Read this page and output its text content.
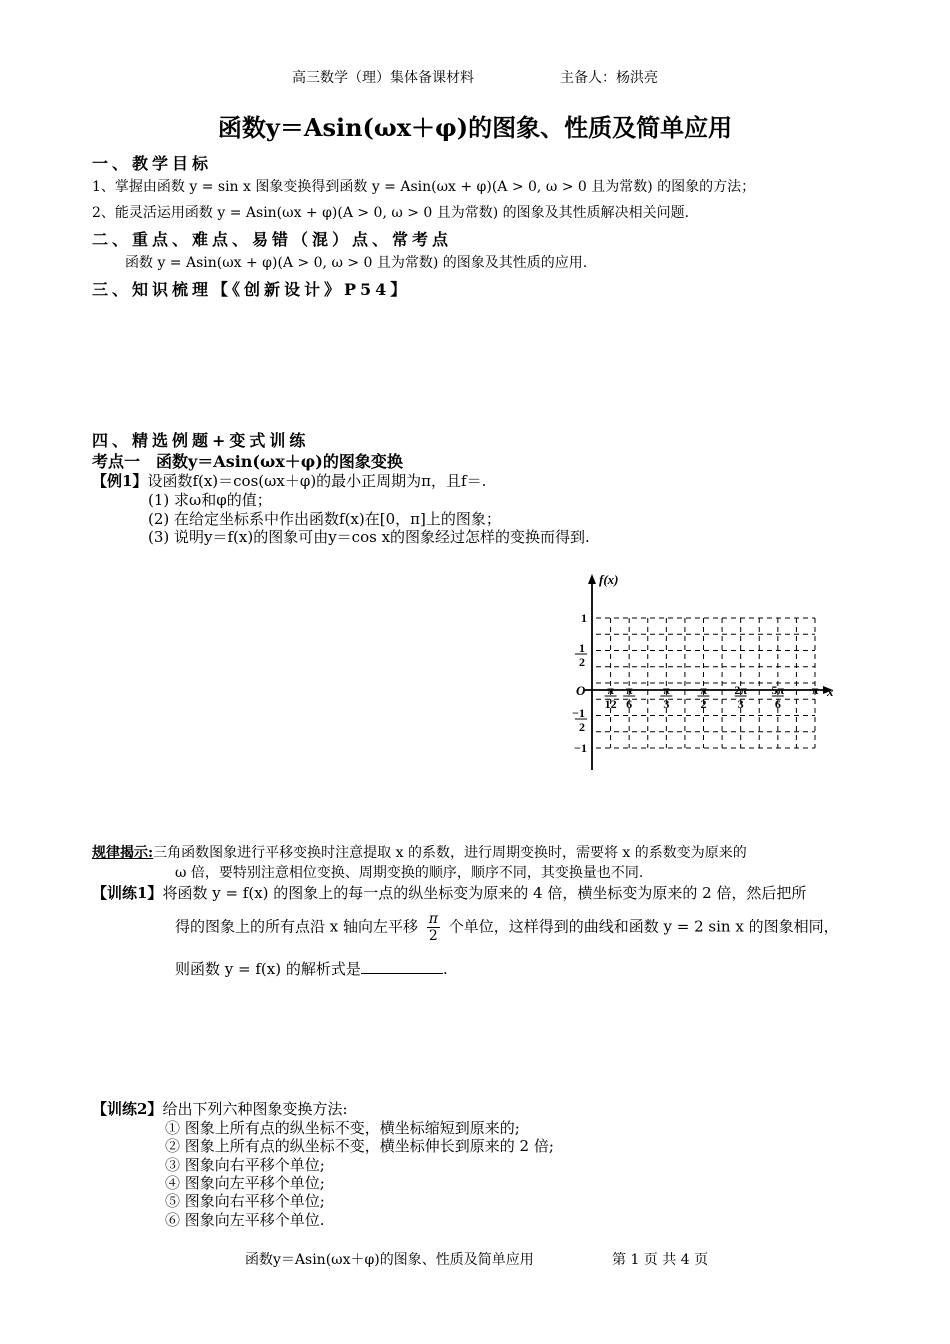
高三数学（理）集体备课材料	主备人：杨洪亮
函数y＝Asin(ωx＋φ)的图象、性质及简单应用
一、教学目标
1、掌握由函数 y = sin x 图象变换得到函数 y = Asin(ωx + φ)(A > 0, ω > 0 且为常数) 的图象的方法；
2、能灵活运用函数 y = Asin(ωx + φ)(A > 0, ω > 0 且为常数) 的图象及其性质解决相关问题.
二、重点、难点、易错（混）点、常考点
函数 y = Asin(ωx + φ)(A > 0, ω > 0 且为常数) 的图象及其性质的应用.
三、知识梳理【《创新设计》P54】
四、精选例题+变式训练
考点一　函数y＝Asin(ωx＋φ)的图象变换
【例1】设函数f(x)＝cos(ωx＋φ)的最小正周期为π，且f＝.
(1) 求ω和φ的值；
(2) 在给定坐标系中作出函数f(x)在[0，π]上的图象；
(3) 说明y＝f(x)的图象可由y＝cos x的图象经过怎样的变换而得到.
f(x)
x
O π
12
π
6
π
3
π
2
2π
3
5π
6
π
1
1
2
−1
2
−1
规律揭示:三角函数图象进行平移变换时注意提取 x 的系数，进行周期变换时，需要将 x 的系数变为原来的
ω 倍，要特别注意相位变换、周期变换的顺序，顺序不同，其变换量也不同.
【训练1】将函数 y = f(x) 的图象上的每一点的纵坐标变为原来的 4 倍，横坐标变为原来的 2 倍，然后把所
得的图象上的所有点沿 x 轴向左平移 $\frac{\pi}{2}$ 个单位，这样得到的曲线和函数 y = 2 sin x 的图象相同，
则函数 y = f(x) 的解析式是	.
【训练2】给出下列六种图象变换方法:
① 图象上所有点的纵坐标不变，横坐标缩短到原来的;
② 图象上所有点的纵坐标不变，横坐标伸长到原来的 2 倍;
③ 图象向右平移个单位;
④ 图象向左平移个单位;
⑤ 图象向右平移个单位;
⑥ 图象向左平移个单位.
函数y＝Asin(ωx＋φ)的图象、性质及简单应用	第 1 页 共 4 页
